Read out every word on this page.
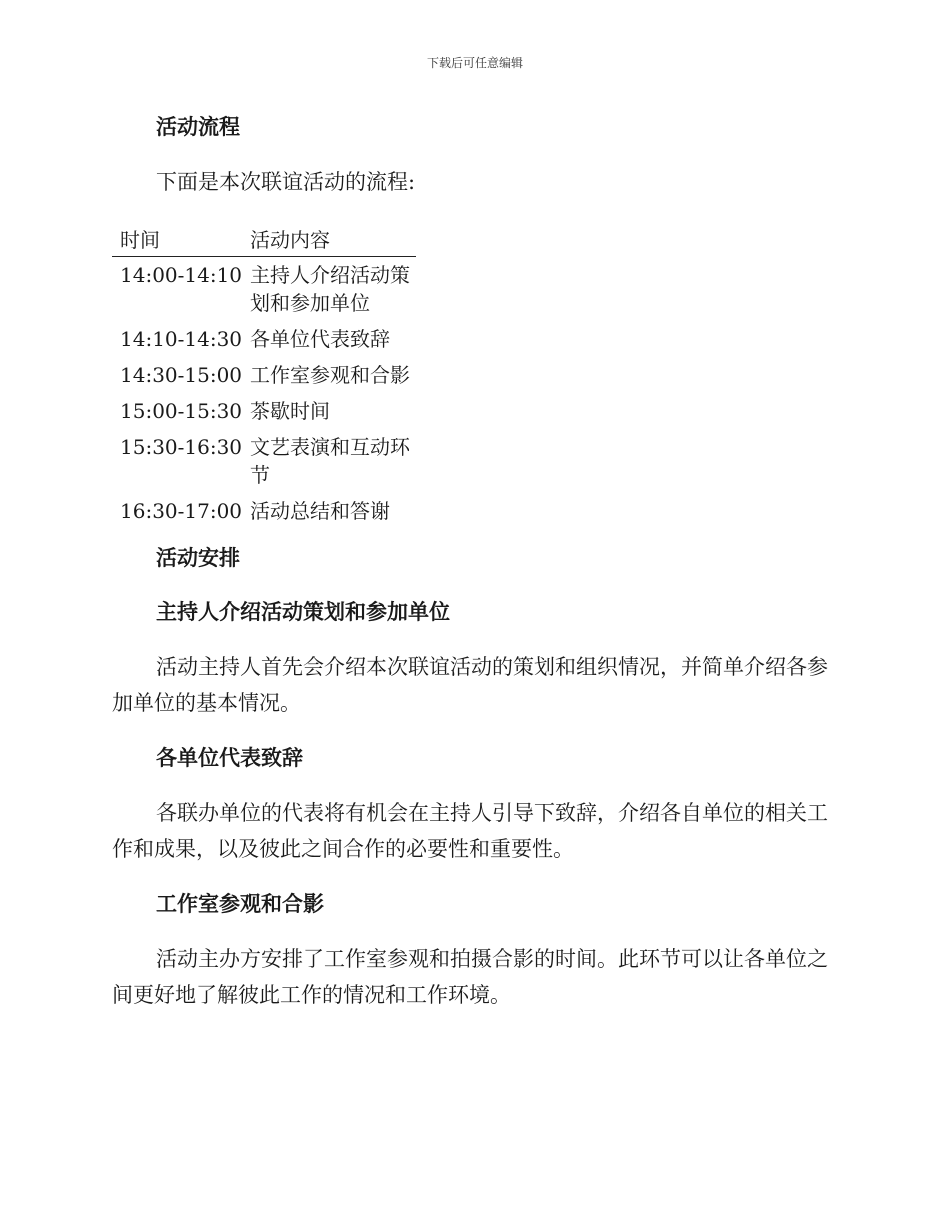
下载后可任意编辑
活动流程

下面是本次联谊活动的流程:

时间	活动内容
14:00-14:10	主持人介绍活动策划和参加单位
14:10-14:30	各单位代表致辞
14:30-15:00	工作室参观和合影
15:00-15:30	茶歇时间
15:30-16:30	文艺表演和互动环节
16:30-17:00	活动总结和答谢
活动安排
主持人介绍活动策划和参加单位

活动主持人首先会介绍本次联谊活动的策划和组织情况，并简单介绍各参加单位的基本情况。

各单位代表致辞

各联办单位的代表将有机会在主持人引导下致辞，介绍各自单位的相关工作和成果，以及彼此之间合作的必要性和重要性。

工作室参观和合影

活动主办方安排了工作室参观和拍摄合影的时间。此环节可以让各单位之间更好地了解彼此工作的情况和工作环境。
